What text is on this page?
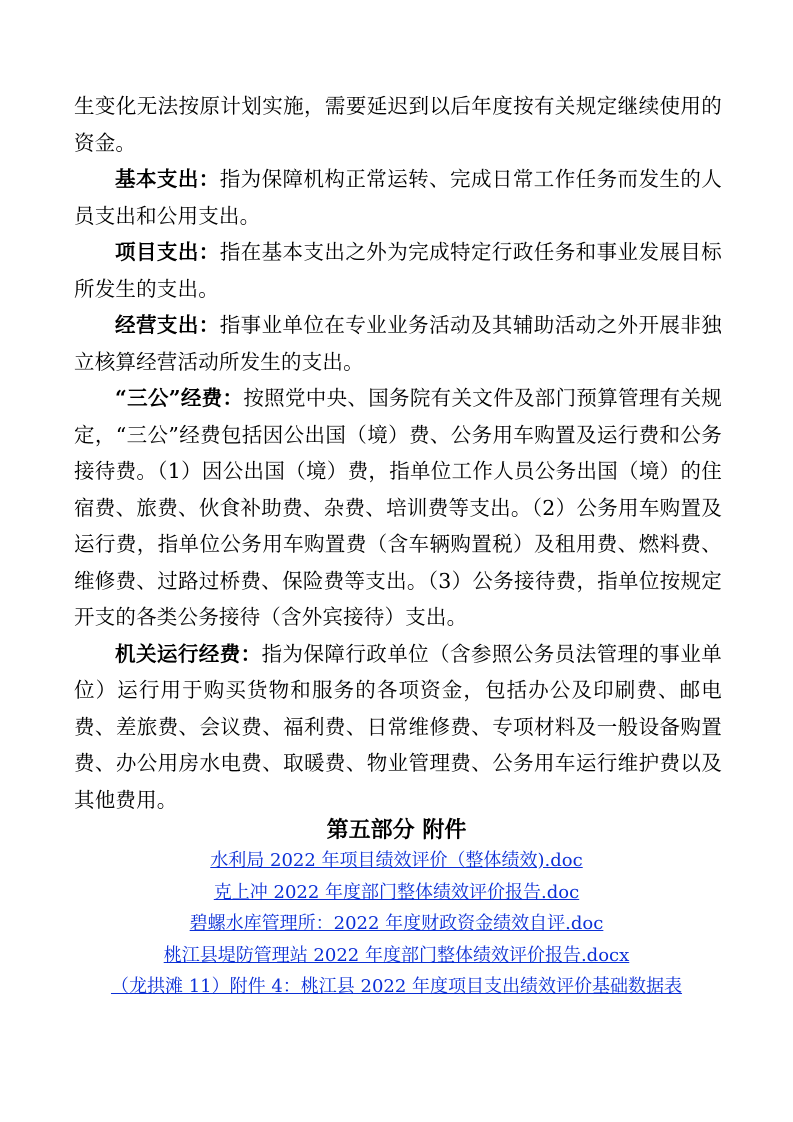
生变化无法按原计划实施，需要延迟到以后年度按有关规定继续使用的资金。

基本支出：指为保障机构正常运转、完成日常工作任务而发生的人员支出和公用支出。

项目支出：指在基本支出之外为完成特定行政任务和事业发展目标所发生的支出。

经营支出：指事业单位在专业业务活动及其辅助活动之外开展非独立核算经营活动所发生的支出。

“三公”经费：按照党中央、国务院有关文件及部门预算管理有关规定，“三公”经费包括因公出国（境）费、公务用车购置及运行费和公务接待费。（1）因公出国（境）费，指单位工作人员公务出国（境）的住宿费、旅费、伙食补助费、杂费、培训费等支出。（2）公务用车购置及运行费，指单位公务用车购置费（含车辆购置税）及租用费、燃料费、维修费、过路过桥费、保险费等支出。（3）公务接待费，指单位按规定开支的各类公务接待（含外宾接待）支出。

机关运行经费：指为保障行政单位（含参照公务员法管理的事业单位）运行用于购买货物和服务的各项资金，包括办公及印刷费、邮电费、差旅费、会议费、福利费、日常维修费、专项材料及一般设备购置费、办公用房水电费、取暖费、物业管理费、公务用车运行维护费以及其他费用。

第五部分 附件
水利局 2022 年项目绩效评价（整体绩效).doc
克上冲 2022 年度部门整体绩效评价报告.doc
碧螺水库管理所：2022 年度财政资金绩效自评.doc
桃江县堤防管理站 2022 年度部门整体绩效评价报告.docx
（龙拱滩 11）附件 4：桃江县 2022 年度项目支出绩效评价基础数据表
